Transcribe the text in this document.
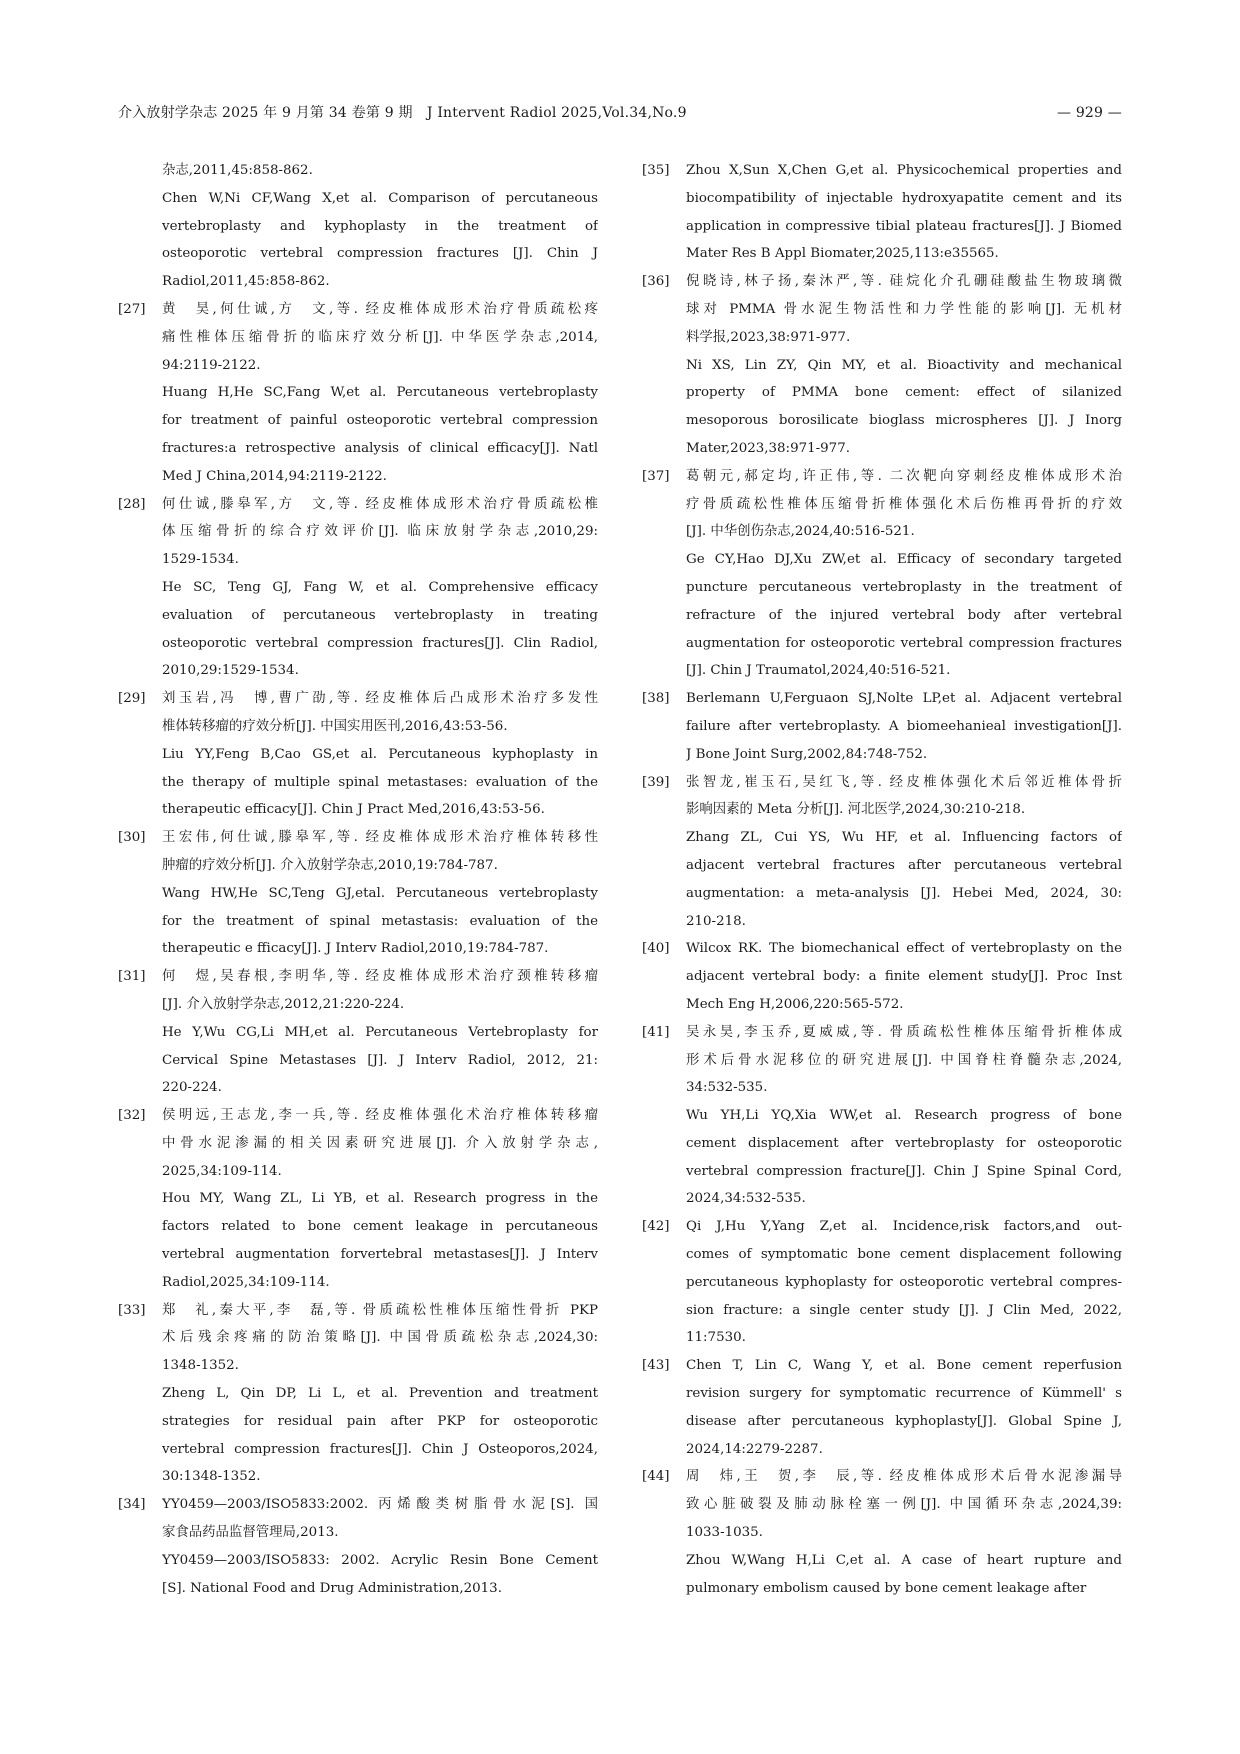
介入放射学杂志 2025 年 9 月第 34 卷第 9 期　J Intervent Radiol 2025,Vol.34,No.9	— 929 —
杂志,2011,45:858-862.
Chen W,Ni CF,Wang X,et al. Comparison of percutaneous
vertebroplasty and kyphoplasty in the treatment of
osteoporotic vertebral compression fractures [J]. Chin J
Radiol,2011,45:858-862.
[27] 黄　昊,何仕诚,方　文,等. 经皮椎体成形术治疗骨质疏松疼
痛性椎体压缩骨折的临床疗效分析[J]. 中华医学杂志,2014,
94:2119-2122.
Huang H,He SC,Fang W,et al. Percutaneous vertebroplasty
for treatment of painful osteoporotic vertebral compression
fractures:a retrospective analysis of clinical efficacy[J]. Natl
Med J China,2014,94:2119-2122.
[28] 何仕诚,滕皋军,方　文,等. 经皮椎体成形术治疗骨质疏松椎
体压缩骨折的综合疗效评价[J]. 临床放射学杂志,2010,29:
1529-1534.
He SC, Teng GJ, Fang W, et al. Comprehensive efficacy
evaluation of percutaneous vertebroplasty in treating
osteoporotic vertebral compression fractures[J]. Clin Radiol,
2010,29:1529-1534.
[29] 刘玉岩,冯　博,曹广劭,等. 经皮椎体后凸成形术治疗多发性
椎体转移瘤的疗效分析[J]. 中国实用医刊,2016,43:53-56.
Liu YY,Feng B,Cao GS,et al. Percutaneous kyphoplasty in
the therapy of multiple spinal metastases: evaluation of the
therapeutic efficacy[J]. Chin J Pract Med,2016,43:53-56.
[30] 王宏伟,何仕诚,滕皋军,等. 经皮椎体成形术治疗椎体转移性
肿瘤的疗效分析[J]. 介入放射学杂志,2010,19:784-787.
Wang HW,He SC,Teng GJ,etal. Percutaneous vertebroplasty
for the treatment of spinal metastasis: evaluation of the
therapeutic e fficacy[J]. J Interv Radiol,2010,19:784-787.
[31] 何　煜,吴春根,李明华,等. 经皮椎体成形术治疗颈椎转移瘤
[J]. 介入放射学杂志,2012,21:220-224.
He Y,Wu CG,Li MH,et al. Percutaneous Vertebroplasty for
Cervical Spine Metastases [J]. J Interv Radiol, 2012, 21:
220-224.
[32] 侯明远,王志龙,李一兵,等. 经皮椎体强化术治疗椎体转移瘤
中骨水泥渗漏的相关因素研究进展[J]. 介入放射学杂志,
2025,34:109-114.
Hou MY, Wang ZL, Li YB, et al. Research progress in the
factors related to bone cement leakage in percutaneous
vertebral augmentation forvertebral metastases[J]. J Interv
Radiol,2025,34:109-114.
[33] 郑　礼,秦大平,李　磊,等. 骨质疏松性椎体压缩性骨折 PKP
术后残余疼痛的防治策略[J]. 中国骨质疏松杂志,2024,30:
1348-1352.
Zheng L, Qin DP, Li L, et al. Prevention and treatment
strategies for residual pain after PKP for osteoporotic
vertebral compression fractures[J]. Chin J Osteoporos,2024,
30:1348-1352.
[34] YY0459—2003/ISO5833:2002. 丙烯酸类树脂骨水泥[S]. 国
家食品药品监督管理局,2013.
YY0459—2003/ISO5833: 2002. Acrylic Resin Bone Cement
[S]. National Food and Drug Administration,2013.
[35] Zhou X,Sun X,Chen G,et al. Physicochemical properties and
biocompatibility of injectable hydroxyapatite cement and its
application in compressive tibial plateau fractures[J]. J Biomed
Mater Res B Appl Biomater,2025,113:e35565.
[36] 倪晓诗,林子扬,秦沐严,等. 硅烷化介孔硼硅酸盐生物玻璃微
球对 PMMA 骨水泥生物活性和力学性能的影响[J]. 无机材
料学报,2023,38:971-977.
Ni XS, Lin ZY, Qin MY, et al. Bioactivity and mechanical
property of PMMA bone cement: effect of silanized
mesoporous borosilicate bioglass microspheres [J]. J Inorg
Mater,2023,38:971-977.
[37] 葛朝元,郝定均,许正伟,等. 二次靶向穿刺经皮椎体成形术治
疗骨质疏松性椎体压缩骨折椎体强化术后伤椎再骨折的疗效
[J]. 中华创伤杂志,2024,40:516-521.
Ge CY,Hao DJ,Xu ZW,et al. Efficacy of secondary targeted
puncture percutaneous vertebroplasty in the treatment of
refracture of the injured vertebral body after vertebral
augmentation for osteoporotic vertebral compression fractures
[J]. Chin J Traumatol,2024,40:516-521.
[38] Berlemann U,Ferguaon SJ,Nolte LP,et al. Adjacent vertebral
failure after vertebroplasty. A biomeehanieal investigation[J].
J Bone Joint Surg,2002,84:748-752.
[39] 张智龙,崔玉石,吴红飞,等. 经皮椎体强化术后邻近椎体骨折
影响因素的 Meta 分析[J]. 河北医学,2024,30:210-218.
Zhang ZL, Cui YS, Wu HF, et al. Influencing factors of
adjacent vertebral fractures after percutaneous vertebral
augmentation: a meta-analysis [J]. Hebei Med, 2024, 30:
210-218.
[40] Wilcox RK. The biomechanical effect of vertebroplasty on the
adjacent vertebral body: a finite element study[J]. Proc Inst
Mech Eng H,2006,220:565-572.
[41] 吴永昊,李玉乔,夏威威,等. 骨质疏松性椎体压缩骨折椎体成
形术后骨水泥移位的研究进展[J]. 中国脊柱脊髓杂志,2024,
34:532-535.
Wu YH,Li YQ,Xia WW,et al. Research progress of bone
cement displacement after vertebroplasty for osteoporotic
vertebral compression fracture[J]. Chin J Spine Spinal Cord,
2024,34:532-535.
[42] Qi J,Hu Y,Yang Z,et al. Incidence,risk factors,and out-
comes of symptomatic bone cement displacement following
percutaneous kyphoplasty for osteoporotic vertebral compres-
sion fracture: a single center study [J]. J Clin Med, 2022,
11:7530.
[43] Chen T, Lin C, Wang Y, et al. Bone cement reperfusion
revision surgery for symptomatic recurrence of Kümmell' s
disease after percutaneous kyphoplasty[J]. Global Spine J,
2024,14:2279-2287.
[44] 周　炜,王　贺,李　辰,等. 经皮椎体成形术后骨水泥渗漏导
致心脏破裂及肺动脉栓塞一例[J]. 中国循环杂志,2024,39:
1033-1035.
Zhou W,Wang H,Li C,et al. A case of heart rupture and
pulmonary embolism caused by bone cement leakage after
